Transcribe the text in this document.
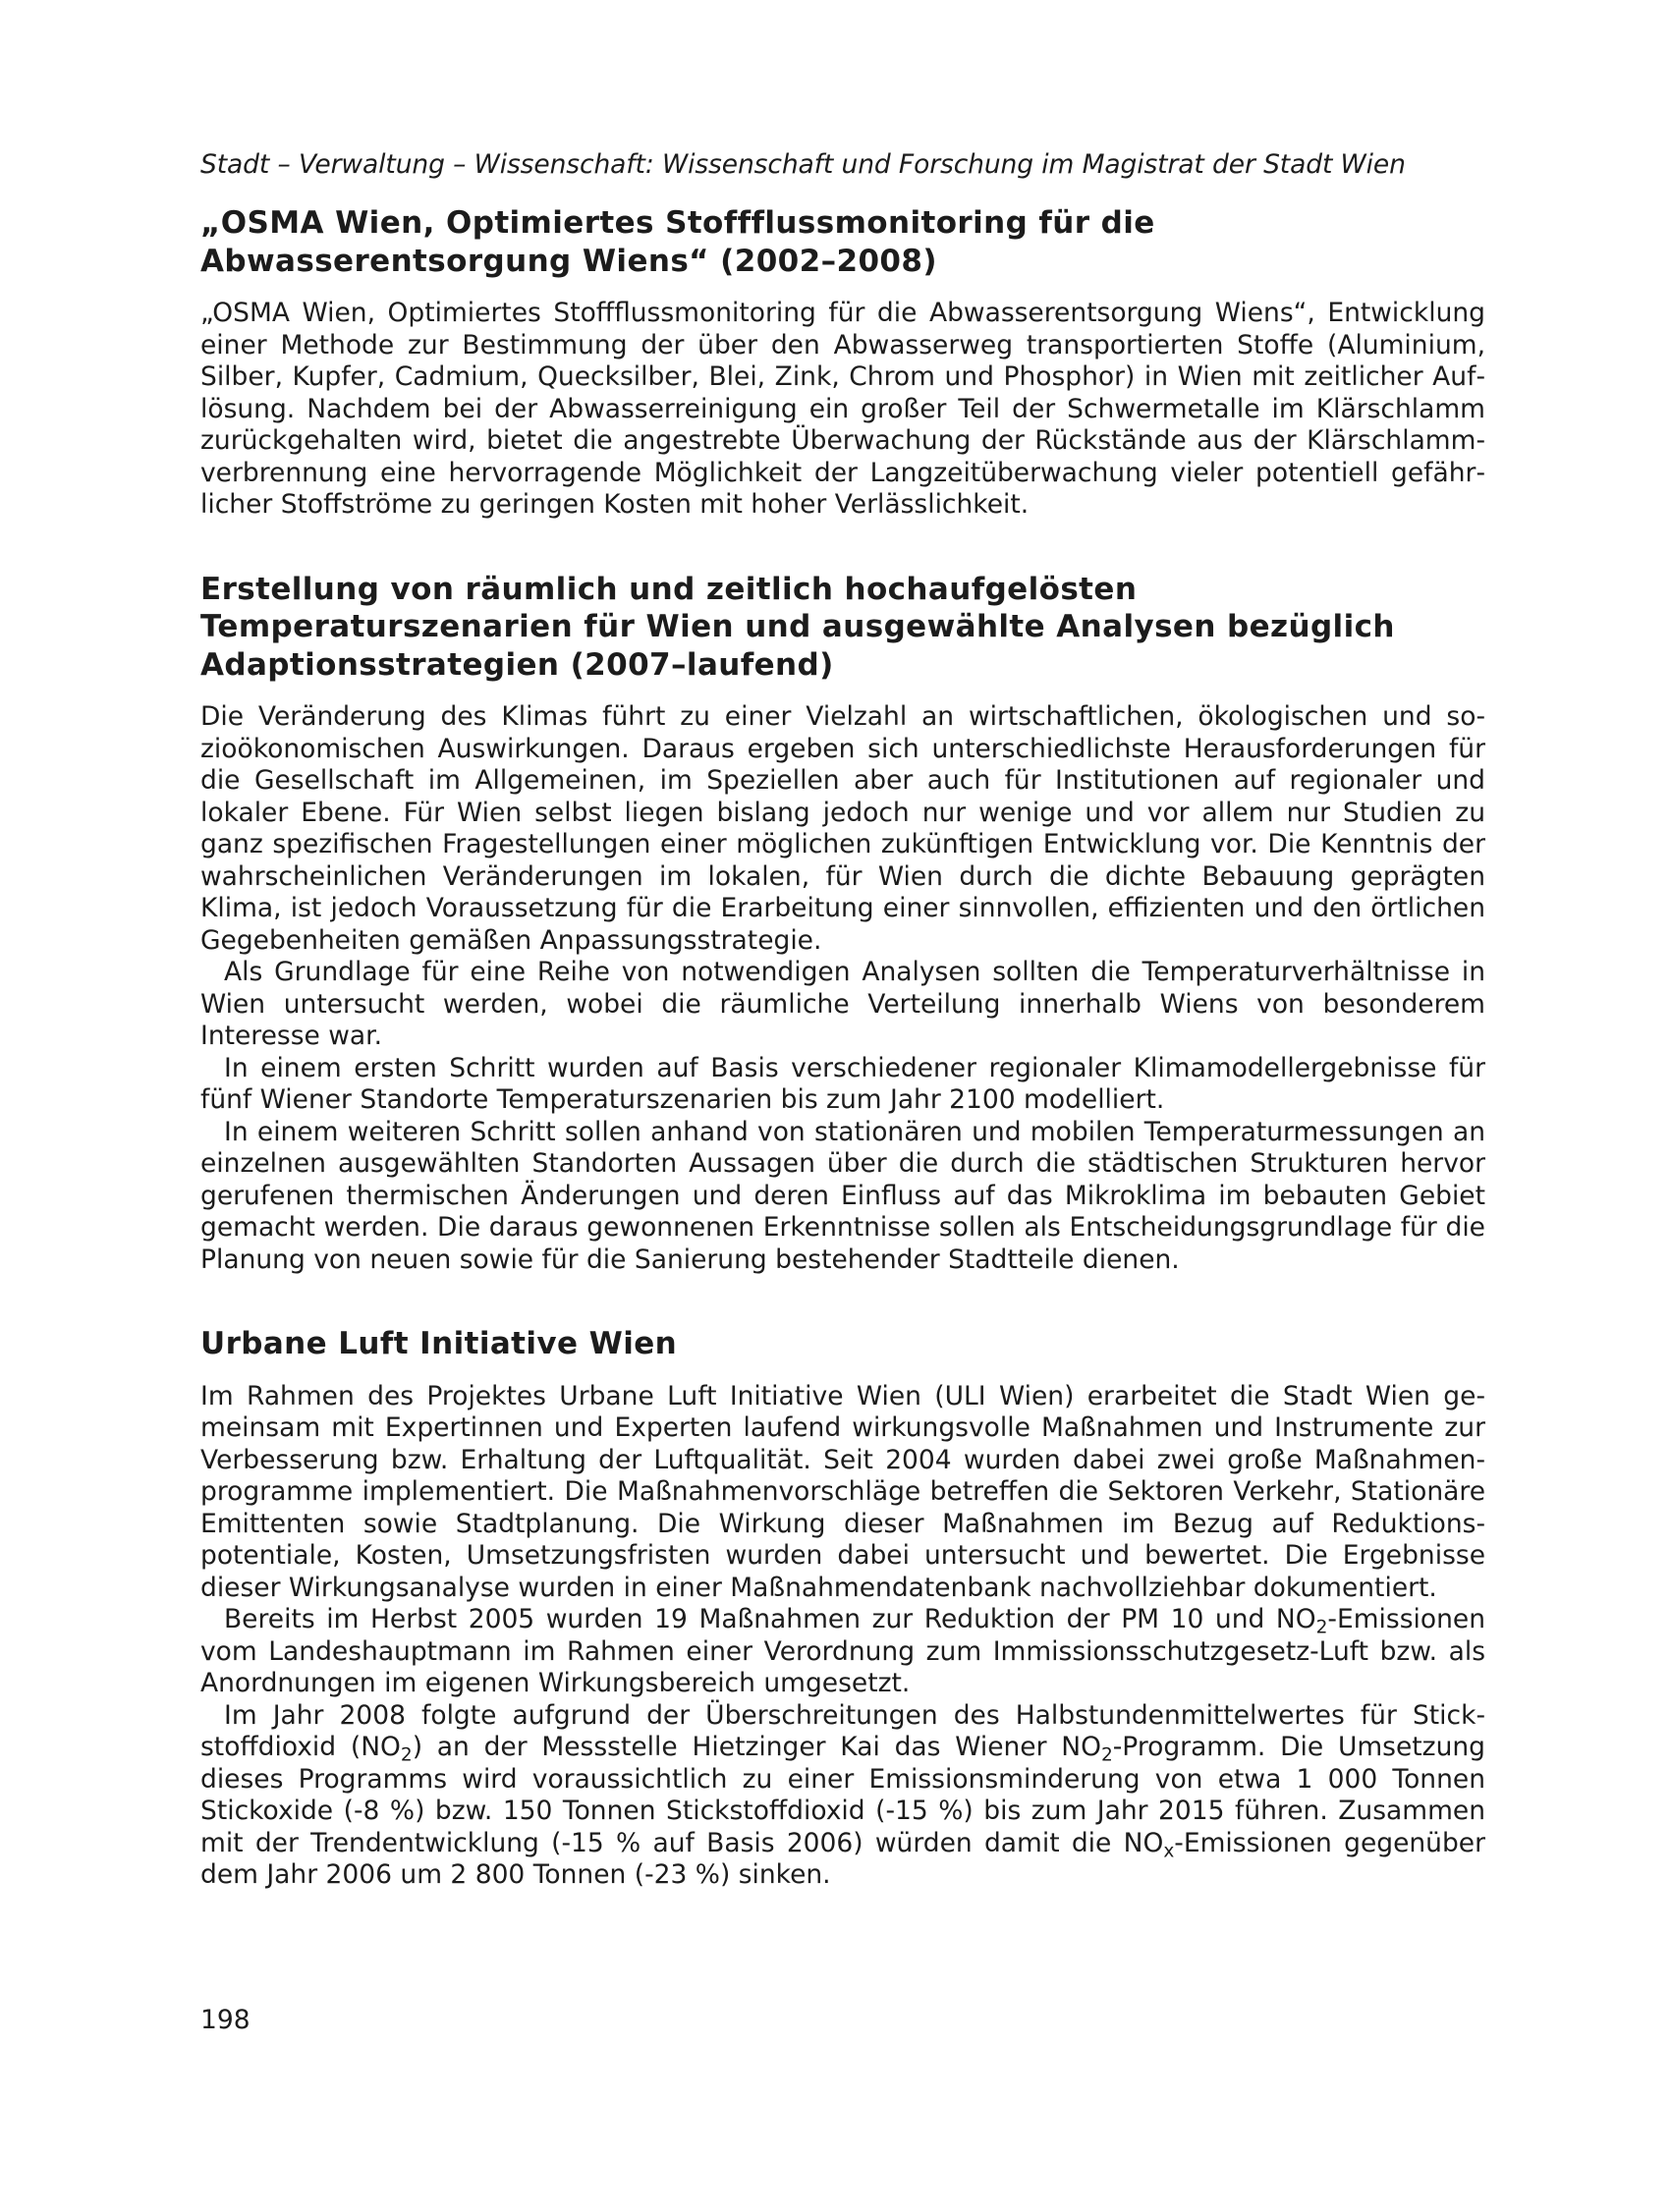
Stadt – Verwaltung – Wissenschaft: Wissenschaft und Forschung im Magistrat der Stadt Wien
„OSMA Wien, Optimiertes Stoffflussmonitoring für die
Abwasserentsorgung Wiens“ (2002–2008)

„OSMA Wien, Optimiertes Stoffflussmonitoring für die Abwasserentsorgung Wiens“, Entwicklung einer Methode zur Bestimmung der über den Abwasserweg transportierten Stoffe (Aluminium, Silber, Kupfer, Cadmium, Quecksilber, Blei, Zink, Chrom und Phosphor) in Wien mit zeitlicher Auflösung. Nachdem bei der Abwasserreinigung ein großer Teil der Schwermetalle im Klärschlamm zurückgehalten wird, bietet die angestrebte Überwachung der Rückstände aus der Klärschlammverbrennung eine hervorragende Möglichkeit der Langzeitüberwachung vieler potentiell gefährlicher Stoffströme zu geringen Kosten mit hoher Verlässlichkeit.

Erstellung von räumlich und zeitlich hochaufgelösten
Temperaturszenarien für Wien und ausgewählte Analysen bezüglich
Adaptionsstrategien (2007–laufend)

Die Veränderung des Klimas führt zu einer Vielzahl an wirtschaftlichen, ökologischen und sozioökonomischen Auswirkungen. Daraus ergeben sich unterschiedlichste Herausforderungen für die Gesellschaft im Allgemeinen, im Speziellen aber auch für Institutionen auf regionaler und lokaler Ebene. Für Wien selbst liegen bislang jedoch nur wenige und vor allem nur Studien zu ganz spezifischen Fragestellungen einer möglichen zukünftigen Entwicklung vor. Die Kenntnis der wahrscheinlichen Veränderungen im lokalen, für Wien durch die dichte Bebauung geprägten Klima, ist jedoch Voraussetzung für die Erarbeitung einer sinnvollen, effizienten und den örtlichen Gegebenheiten gemäßen Anpassungsstrategie.

Als Grundlage für eine Reihe von notwendigen Analysen sollten die Temperaturverhältnisse in Wien untersucht werden, wobei die räumliche Verteilung innerhalb Wiens von besonderem Interesse war.

In einem ersten Schritt wurden auf Basis verschiedener regionaler Klimamodellergebnisse für fünf Wiener Standorte Temperaturszenarien bis zum Jahr 2100 modelliert.

In einem weiteren Schritt sollen anhand von stationären und mobilen Temperaturmessungen an einzelnen ausgewählten Standorten Aussagen über die durch die städtischen Strukturen hervor gerufenen thermischen Änderungen und deren Einfluss auf das Mikroklima im bebauten Gebiet gemacht werden. Die daraus gewonnenen Erkenntnisse sollen als Entscheidungsgrundlage für die Planung von neuen sowie für die Sanierung bestehender Stadtteile dienen.

Urbane Luft Initiative Wien

Im Rahmen des Projektes Urbane Luft Initiative Wien (ULI Wien) erarbeitet die Stadt Wien gemeinsam mit Expertinnen und Experten laufend wirkungsvolle Maßnahmen und Instrumente zur Verbesserung bzw. Erhaltung der Luftqualität. Seit 2004 wurden dabei zwei große Maßnahmenprogramme implementiert. Die Maßnahmenvorschläge betreffen die Sektoren Verkehr, Stationäre Emittenten sowie Stadtplanung. Die Wirkung dieser Maßnahmen im Bezug auf Reduktionspotentiale, Kosten, Umsetzungsfristen wurden dabei untersucht und bewertet. Die Ergebnisse dieser Wirkungsanalyse wurden in einer Maßnahmendatenbank nachvollziehbar dokumentiert.

Bereits im Herbst 2005 wurden 19 Maßnahmen zur Reduktion der PM 10 und $NO_2$-Emissionen vom Landeshauptmann im Rahmen einer Verordnung zum Immissionsschutzgesetz-Luft bzw. als Anordnungen im eigenen Wirkungsbereich umgesetzt.

Im Jahr 2008 folgte aufgrund der Überschreitungen des Halbstundenmittelwertes für Stickstoffdioxid $(NO_2)$ an der Messstelle Hietzinger Kai das Wiener $NO_2$-Programm. Die Umsetzung dieses Programms wird voraussichtlich zu einer Emissionsminderung von etwa 1 000 Tonnen Stickoxide (-8 %) bzw. 150 Tonnen Stickstoffdioxid (-15 %) bis zum Jahr 2015 führen. Zusammen mit der Trendentwicklung (-15 % auf Basis 2006) würden damit die $NO_x$-Emissionen gegenüber dem Jahr 2006 um 2 800 Tonnen (-23 %) sinken.

198
